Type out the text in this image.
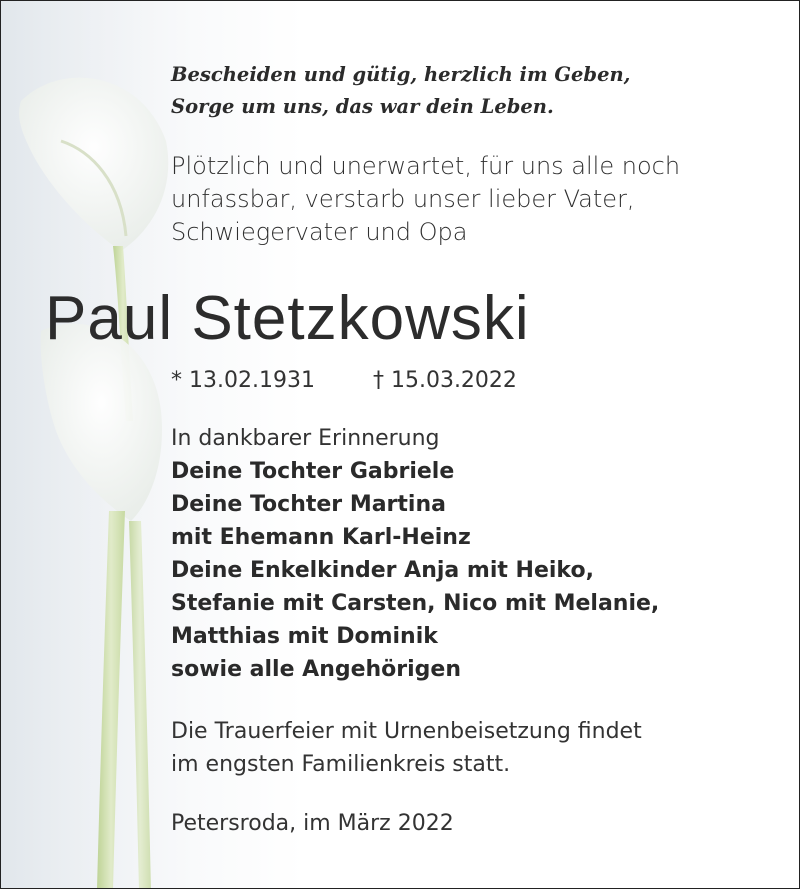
Bescheiden und gütig, herzlich im Geben,
Sorge um uns, das war dein Leben.
Plötzlich und unerwartet, für uns alle noch
unfassbar, verstarb unser lieber Vater,
Schwiegervater und Opa
Paul Stetzkowski
* 13.02.1931	† 15.03.2022
In dankbarer Erinnerung
Deine Tochter Gabriele
Deine Tochter Martina
mit Ehemann Karl-Heinz
Deine Enkelkinder Anja mit Heiko,
Stefanie mit Carsten, Nico mit Melanie,
Matthias mit Dominik
sowie alle Angehörigen
Die Trauerfeier mit Urnenbeisetzung findet
im engsten Familienkreis statt.
Petersroda, im März 2022
